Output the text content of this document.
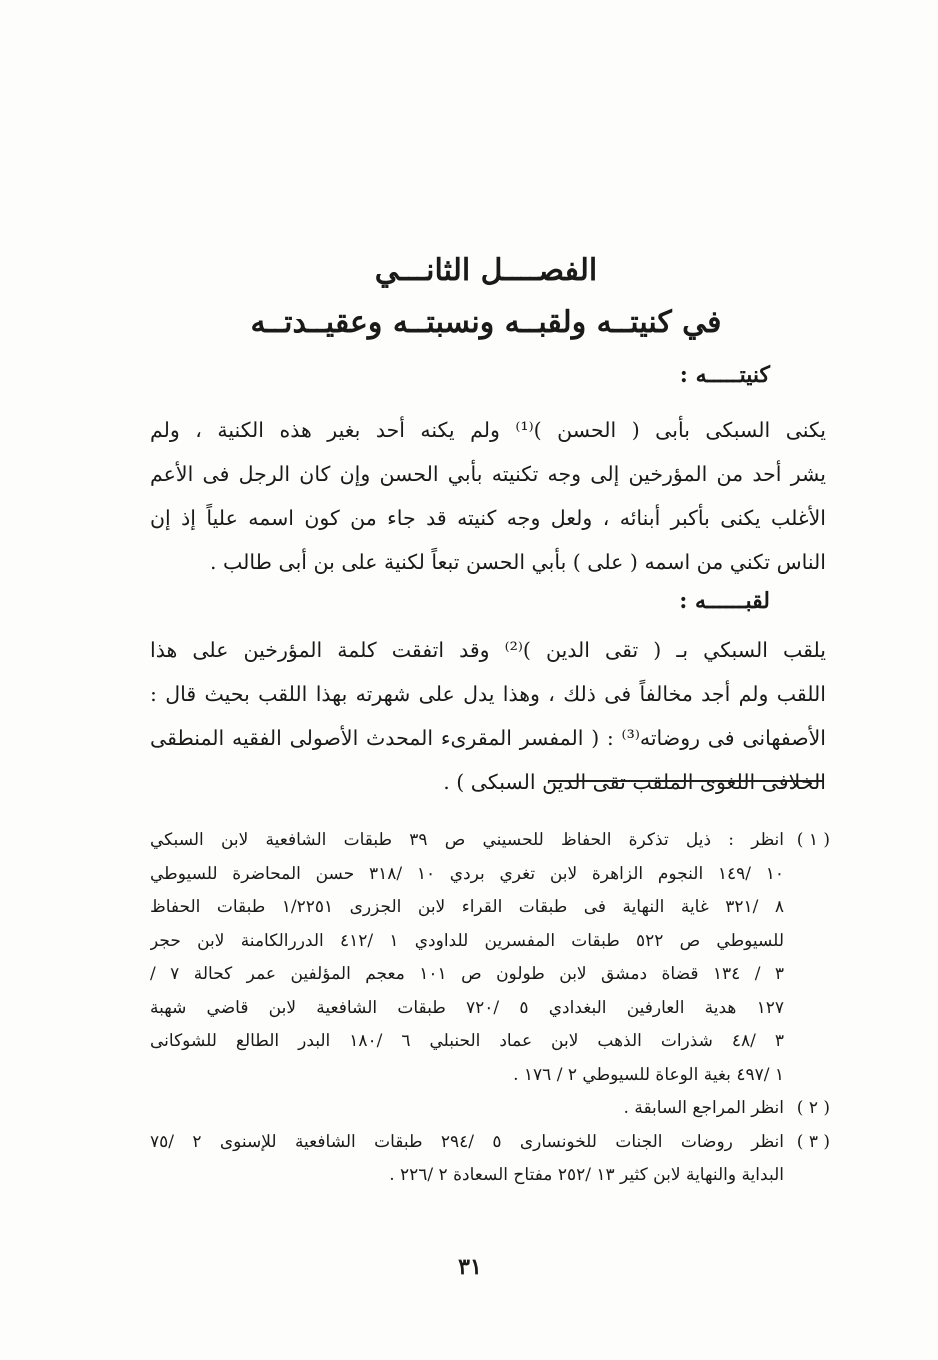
الفصــــل الثانـــي
في كنيتــه ولقبــه ونسبتــه وعقيــدتــه
كنيتـــــه :
يكنى السبكى بأبى ( الحسن )⁽¹⁾ ولم يكنه أحد بغير هذه الكنية ، ولم
يشر أحد من المؤرخين إلى وجه تكنيته بأبي الحسن وإن كان الرجل فى الأعم
الأغلب يكنى بأكبر أبنائه ، ولعل وجه كنيته قد جاء من كون اسمه علياً إذ إن
الناس تكني من اسمه ( على ) بأبي الحسن تبعاً لكنية على بن أبى طالب .
لقبــــــه :
يلقب السبكي بـ ( تقى الدين )⁽²⁾ وقد اتفقت كلمة المؤرخين على هذا
اللقب ولم أجد مخالفاً فى ذلك ، وهذا يدل على شهرته بهذا اللقب بحيث قال :
الأصفهانى فى روضاته⁽³⁾ : ( المفسر المقرىء المحدث الأصولى الفقيه المنطقى
الخلافى اللغوى الملقب تقى الدين السبكى ) .
( ١ )
انظر : ذيل تذكرة الحفاظ للحسيني ص ٣٩ طبقات الشافعية لابن السبكي
١٠ /١٤٩ النجوم الزاهرة لابن تغري بردي ١٠ /٣١٨ حسن المحاضرة للسيوطي
٨ /٣٢١ غاية النهاية فى طبقات القراء لابن الجزرى ١/٢٢٥١ طبقات الحفاظ
للسيوطي ص ٥٢٢ طبقات المفسرين للداودي ١ /٤١٢ الدررالكامنة لابن حجر
٣ / ١٣٤ قضاة دمشق لابن طولون ص ١٠١ معجم المؤلفين عمر كحالة ٧ /
١٢٧ هدية العارفين البغدادي ٥ /٧٢٠ طبقات الشافعية لابن قاضي شهبة
٣ /٤٨ شذرات الذهب لابن عماد الحنبلي ٦ /١٨٠ البدر الطالع للشوكانى
١ /٤٩٧ بغية الوعاة للسيوطي ٢ / ١٧٦ .
( ٢ )
انظر المراجع السابقة .
( ٣ )
انظر روضات الجنات للخونسارى ٥ /٢٩٤ طبقات الشافعية للإسنوى ٢ /٧٥
البداية والنهاية لابن كثير ١٣ /٢٥٢ مفتاح السعادة ٢ /٢٢٦ .
٣١
